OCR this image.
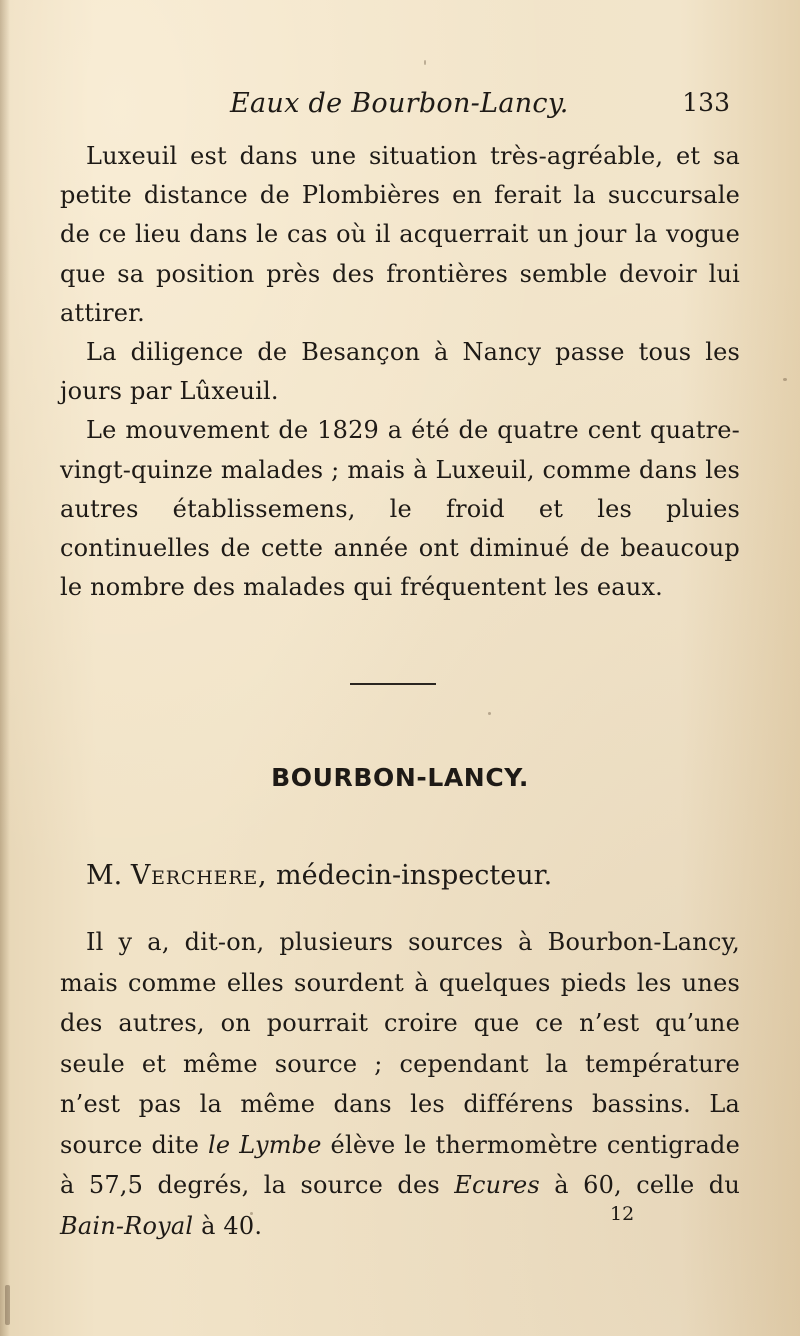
Eaux de Bourbon-Lancy.	133

Luxeuil est dans une situation très-agréable, et sa petite distance de Plombières en ferait la succursale de ce lieu dans le cas où il acquerrait un jour la vogue que sa position près des frontières semble devoir lui attirer.

La diligence de Besançon à Nancy passe tous les jours par Lûxeuil.

Le mouvement de 1829 a été de quatre cent quatre-vingt-quinze malades ; mais à Luxeuil, comme dans les autres établissemens, le froid et les pluies continuelles de cette année ont diminué de beaucoup le nombre des malades qui fréquentent les eaux.

BOURBON-LANCY.
M. Verchere, médecin-inspecteur.

Il y a, dit-on, plusieurs sources à Bourbon-Lancy, mais comme elles sourdent à quelques pieds les unes des autres, on pourrait croire que ce n’est qu’une seule et même source ; cependant la température n’est pas la même dans les différens bassins. La source dite le Lymbe élève le thermomètre centigrade à 57,5 degrés, la source des Ecures à 60, celle du Bain-Royal à 40.	12
